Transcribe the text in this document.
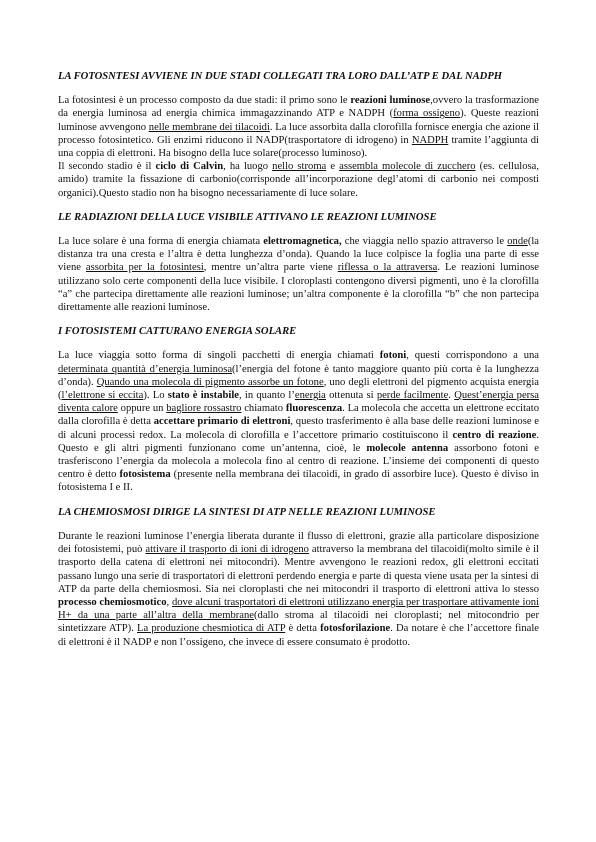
LA FOTOSNTESI AVVIENE IN DUE STADI COLLEGATI TRA LORO DALL’ATP E DAL NADPH
La fotosintesi è un processo composto da due stadi: il primo sono le reazioni luminose,ovvero la trasformazione da energia luminosa ad energia chimica immagazzinando ATP e NADPH (forma ossigeno). Queste reazioni luminose avvengono nelle membrane dei tilacoidi. La luce assorbita dalla clorofilla fornisce energia che azione il processo fotosintetico. Gli enzimi riducono il NADP(trasportatore di idrogeno) in NADPH tramite l’aggiunta di una coppia di elettroni. Ha bisogno della luce solare(processo luminoso).
Il secondo stadio è il ciclo di Calvin, ha luogo nello stroma e assembla molecole di zucchero (es. cellulosa, amido) tramite la fissazione di carbonio(corrisponde all’incorporazione degl’atomi di carbonio nei composti organici).Questo stadio non ha bisogno necessariamente di luce solare.
LE RADIAZIONI DELLA LUCE VISIBILE ATTIVANO LE REAZIONI LUMINOSE
La luce solare è una forma di energia chiamata elettromagnetica, che viaggia nello spazio attraverso le onde(la distanza tra una cresta e l’altra è detta lunghezza d’onda). Quando la luce colpisce la foglia una parte di esse viene assorbita per la fotosintesi, mentre un’altra parte viene riflessa o la attraversa. Le reazioni luminose utilizzano solo certe componenti della luce visibile. I cloroplasti contengono diversi pigmenti, uno è la clorofilla “a” che partecipa direttamente alle reazioni luminose; un’altra componente è la clorofilla “b” che non partecipa direttamente alle reazioni luminose.
I FOTOSISTEMI CATTURANO ENERGIA SOLARE
La luce viaggia sotto forma di singoli pacchetti di energia chiamati fotoni, questi corrispondono a una determinata quantità d’energia luminosa(l’energia del fotone è tanto maggiore quanto più corta è la lunghezza d’onda). Quando una molecola di pigmento assorbe un fotone, uno degli elettroni del pigmento acquista energia (l’elettrone si eccita). Lo stato è instabile, in quanto l’energia ottenuta si perde facilmente. Quest’energia persa diventa calore oppure un bagliore rossastro chiamato fluorescenza. La molecola che accetta un elettrone eccitato dalla clorofilla è detta accettare primario di elettroni, questo trasferimento è alla base delle reazioni luminose e di alcuni processi redox. La molecola di clorofilla e l’accettore primario costituiscono il centro di reazione. Questo e gli altri pigmenti funzionano come un’antenna, cioè, le molecole antenna assorbono fotoni e trasferiscono l’energia da molecola a molecola fino al centro di reazione. L’insieme dei componenti di questo centro è detto fotosistema (presente nella membrana dei tilacoidi, in grado di assorbire luce). Questo è diviso in fotosistema I e II.
LA CHEMIOSMOSI DIRIGE LA SINTESI DI ATP NELLE REAZIONI LUMINOSE
Durante le reazioni luminose l’energia liberata durante il flusso di elettroni, grazie alla particolare disposizione dei fotosistemi, può attivare il trasporto di ioni di idrogeno attraverso la membrana del tilacoidi(molto simile è il trasporto della catena di elettroni nei mitocondri). Mentre avvengono le reazioni redox, gli elettroni eccitati passano lungo una serie di trasportatori di elettroni perdendo energia e parte di questa viene usata per la sintesi di ATP da parte della chemiosmosi. Sia nei cloroplasti che nei mitocondri il trasporto di elettroni attiva lo stesso processo chemiosmotico, dove alcuni trasportatori di elettroni utilizzano energia per trasportare attivamente ioni H+ da una parte all’altra della membrane(dallo stroma al tilacoidi nei cloroplasti; nel mitocondrio per sintetizzare ATP). La produzione chesmiotica di ATP è detta fotosforilazione. Da notare è che l’accettore finale di elettroni è il NADP e non l’ossigeno, che invece di essere consumato è prodotto.
